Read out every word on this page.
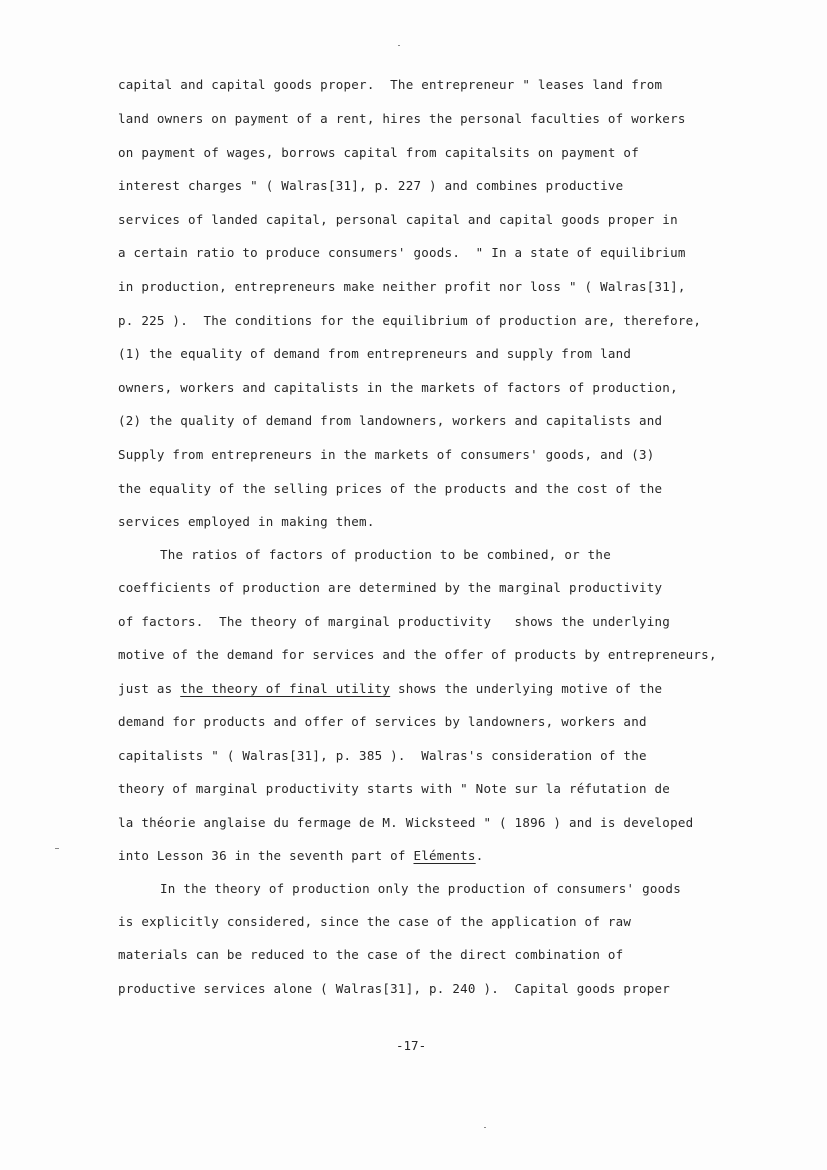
capital and capital goods proper.  The entrepreneur " leases land from
land owners on payment of a rent, hires the personal faculties of workers
on payment of wages, borrows capital from capitalsits on payment of
interest charges " ( Walras[31], p. 227 ) and combines productive
services of landed capital, personal capital and capital goods proper in
a certain ratio to produce consumers' goods.  " In a state of equilibrium
in production, entrepreneurs make neither profit nor loss " ( Walras[31],
p. 225 ).  The conditions for the equilibrium of production are, therefore,
(1) the equality of demand from entrepreneurs and supply from land
owners, workers and capitalists in the markets of factors of production,
(2) the quality of demand from landowners, workers and capitalists and
Supply from entrepreneurs in the markets of consumers' goods, and (3)
the equality of the selling prices of the products and the cost of the
services employed in making them.
The ratios of factors of production to be combined, or the
coefficients of production are determined by the marginal productivity
of factors.  The theory of marginal productivity   shows the underlying
motive of the demand for services and the offer of products by entrepreneurs,
just as the theory of final utility shows the underlying motive of the
demand for products and offer of services by landowners, workers and
capitalists " ( Walras[31], p. 385 ).  Walras's consideration of the
theory of marginal productivity starts with " Note sur la réfutation de
la théorie anglaise du fermage de M. Wicksteed " ( 1896 ) and is developed
into Lesson 36 in the seventh part of Eléments.
In the theory of production only the production of consumers' goods
is explicitly considered, since the case of the application of raw
materials can be reduced to the case of the direct combination of
productive services alone ( Walras[31], p. 240 ).  Capital goods proper
-17-
